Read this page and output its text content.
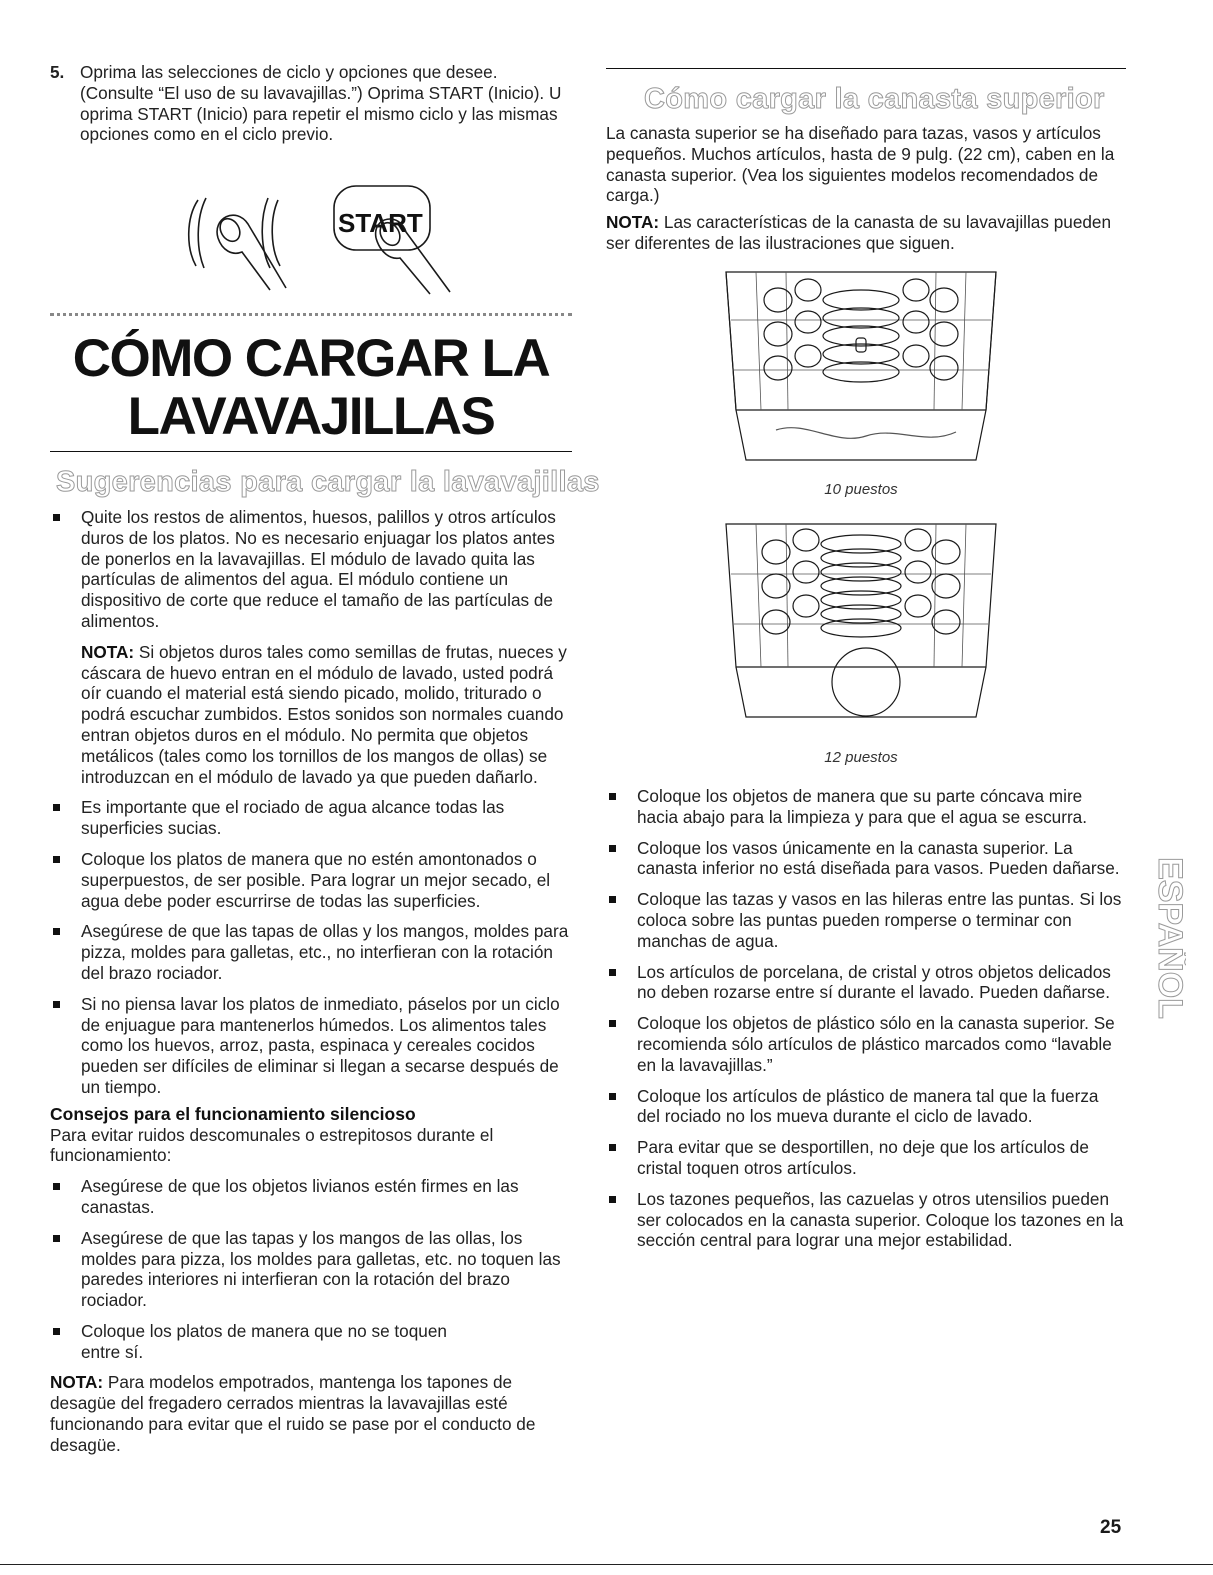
5. Oprima las selecciones de ciclo y opciones que desee. (Consulte “El uso de su lavavajillas.”) Oprima START (Inicio). U oprima START (Inicio) para repetir el mismo ciclo y las mismas opciones como en el ciclo previo.
START
CÓMO CARGAR LA
LAVAVAJILLAS
Sugerencias para cargar la lavavajillas
Quite los restos de alimentos, huesos, palillos y otros artículos duros de los platos. No es necesario enjuagar los platos antes de ponerlos en la lavavajillas. El módulo de lavado quita las partículas de alimentos del agua. El módulo contiene un dispositivo de corte que reduce el tamaño de las partículas de alimentos.

NOTA: Si objetos duros tales como semillas de frutas, nueces y cáscara de huevo entran en el módulo de lavado, usted podrá oír cuando el material está siendo picado, molido, triturado o podrá escuchar zumbidos. Estos sonidos son normales cuando entran objetos duros en el módulo. No permita que objetos metálicos (tales como los tornillos de los mangos de ollas) se introduzcan en el módulo de lavado ya que pueden dañarlo.

Es importante que el rociado de agua alcance todas las superficies sucias.
Coloque los platos de manera que no estén amontonados o superpuestos, de ser posible. Para lograr un mejor secado, el agua debe poder escurrirse de todas las superficies.
Asegúrese de que las tapas de ollas y los mangos, moldes para pizza, moldes para galletas, etc., no interfieran con la rotación del brazo rociador.
Si no piensa lavar los platos de inmediato, páselos por un ciclo de enjuague para mantenerlos húmedos. Los alimentos tales como los huevos, arroz, pasta, espinaca y cereales cocidos pueden ser difíciles de eliminar si llegan a secarse después de un tiempo.

Consejos para el funcionamiento silencioso

Para evitar ruidos descomunales o estrepitosos durante el funcionamiento:

Asegúrese de que los objetos livianos estén firmes en las canastas.
Asegúrese de que las tapas y los mangos de las ollas, los moldes para pizza, los moldes para galletas, etc. no toquen las paredes interiores ni interfieran con la rotación del brazo rociador.
Coloque los platos de manera que no se toquen
entre sí.

NOTA: Para modelos empotrados, mantenga los tapones de desagüe del fregadero cerrados mientras la lavavajillas esté funcionando para evitar que el ruido se pase por el conducto de desagüe.

Cómo cargar la canasta superior

La canasta superior se ha diseñado para tazas, vasos y artículos pequeños. Muchos artículos, hasta de 9 pulg. (22 cm), caben en la canasta superior. (Vea los siguientes modelos recomendados de carga.)

NOTA: Las características de la canasta de su lavavajillas pueden ser diferentes de las ilustraciones que siguen.

10 puestos
12 puestos
Coloque los objetos de manera que su parte cóncava mire hacia abajo para la limpieza y para que el agua se escurra.
Coloque los vasos únicamente en la canasta superior. La canasta inferior no está diseñada para vasos. Pueden dañarse.
Coloque las tazas y vasos en las hileras entre las puntas. Si los coloca sobre las puntas pueden romperse o terminar con manchas de agua.
Los artículos de porcelana, de cristal y otros objetos delicados no deben rozarse entre sí durante el lavado. Pueden dañarse.
Coloque los objetos de plástico sólo en la canasta superior. Se recomienda sólo artículos de plástico marcados como “lavable en la lavavajillas.”
Coloque los artículos de plástico de manera tal que la fuerza del rociado no los mueva durante el ciclo de lavado.
Para evitar que se desportillen, no deje que los artículos de cristal toquen otros artículos.
Los tazones pequeños, las cazuelas y otros utensilios pueden ser colocados en la canasta superior. Coloque los tazones en la sección central para lograr una mejor estabilidad.
ESPAÑOL
25
